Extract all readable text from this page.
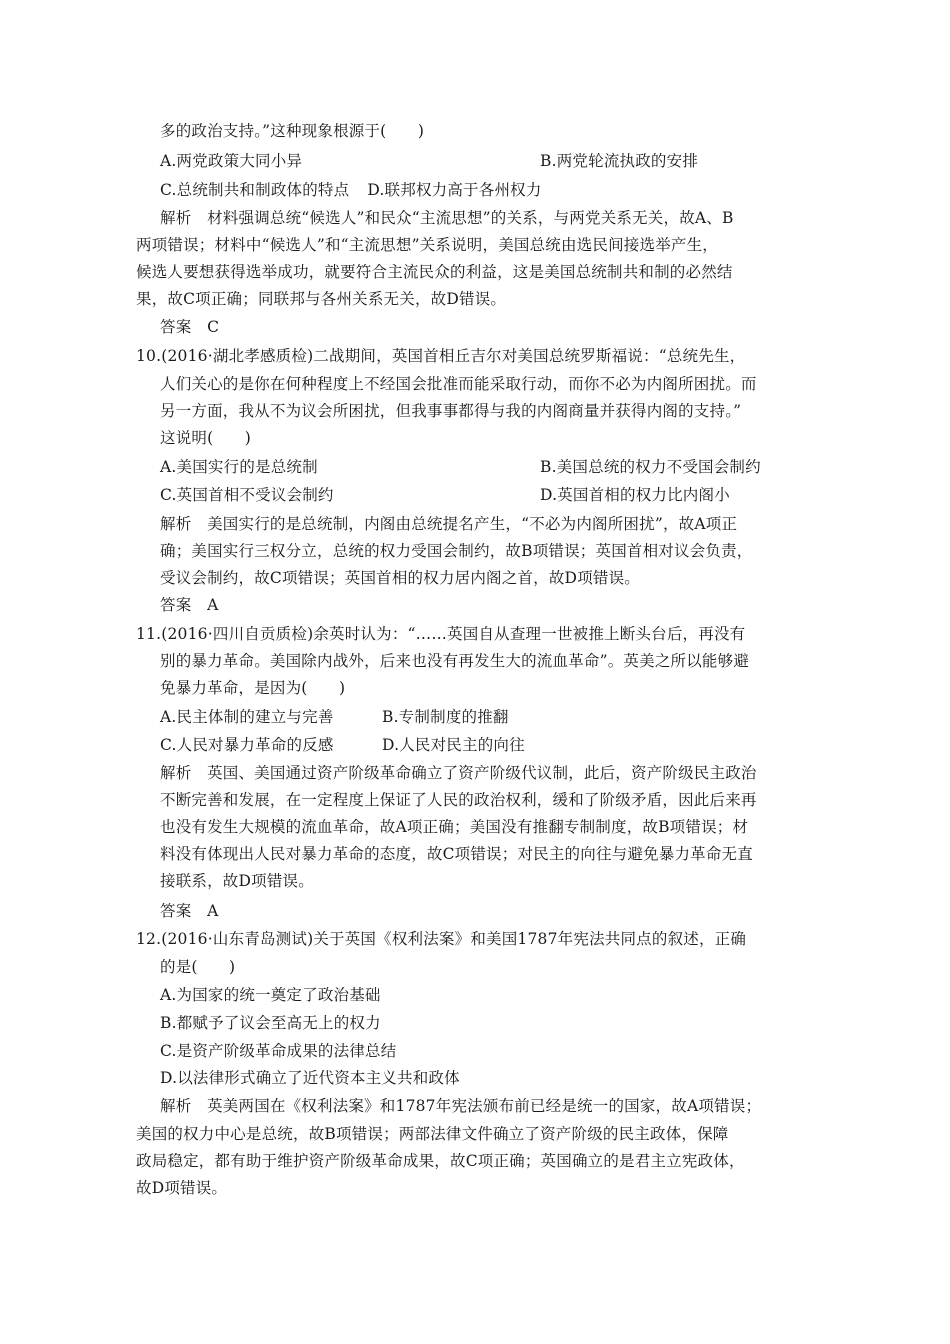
多的政治支持。”这种现象根源于(　　)
A.两党政策大同小异	B.两党轮流执政的安排
C.总统制共和制政体的特点 D.联邦权力高于各州权力
解析　材料强调总统“候选人”和民众“主流思想”的关系，与两党关系无关，故A、B
两项错误；材料中“候选人”和“主流思想”关系说明，美国总统由选民间接选举产生，
候选人要想获得选举成功，就要符合主流民众的利益，这是美国总统制共和制的必然结
果，故C项正确；同联邦与各州关系无关，故D错误。
答案　C
10.(2016·湖北孝感质检)二战期间，英国首相丘吉尔对美国总统罗斯福说：“总统先生，
人们关心的是你在何种程度上不经国会批准而能采取行动，而你不必为内阁所困扰。而
另一方面，我从不为议会所困扰，但我事事都得与我的内阁商量并获得内阁的支持。”
这说明(　　)
A.美国实行的是总统制	B.美国总统的权力不受国会制约
C.英国首相不受议会制约	D.英国首相的权力比内阁小
解析　美国实行的是总统制，内阁由总统提名产生，“不必为内阁所困扰”，故A项正
确；美国实行三权分立，总统的权力受国会制约，故B项错误；英国首相对议会负责，
受议会制约，故C项错误；英国首相的权力居内阁之首，故D项错误。
答案　A
11.(2016·四川自贡质检)余英时认为：“……英国自从查理一世被推上断头台后，再没有
别的暴力革命。美国除内战外，后来也没有再发生大的流血革命”。英美之所以能够避
免暴力革命，是因为(　　)
A.民主体制的建立与完善	B.专制制度的推翻
C.人民对暴力革命的反感	D.人民对民主的向往
解析　英国、美国通过资产阶级革命确立了资产阶级代议制，此后，资产阶级民主政治
不断完善和发展，在一定程度上保证了人民的政治权利，缓和了阶级矛盾，因此后来再
也没有发生大规模的流血革命，故A项正确；美国没有推翻专制制度，故B项错误；材
料没有体现出人民对暴力革命的态度，故C项错误；对民主的向往与避免暴力革命无直
接联系，故D项错误。
答案　A
12.(2016·山东青岛测试)关于英国《权利法案》和美国1787年宪法共同点的叙述，正确
的是(　　)
A.为国家的统一奠定了政治基础
B.都赋予了议会至高无上的权力
C.是资产阶级革命成果的法律总结
D.以法律形式确立了近代资本主义共和政体
解析　英美两国在《权利法案》和1787年宪法颁布前已经是统一的国家，故A项错误；
美国的权力中心是总统，故B项错误；两部法律文件确立了资产阶级的民主政体，保障
政局稳定，都有助于维护资产阶级革命成果，故C项正确；英国确立的是君主立宪政体，
故D项错误。
